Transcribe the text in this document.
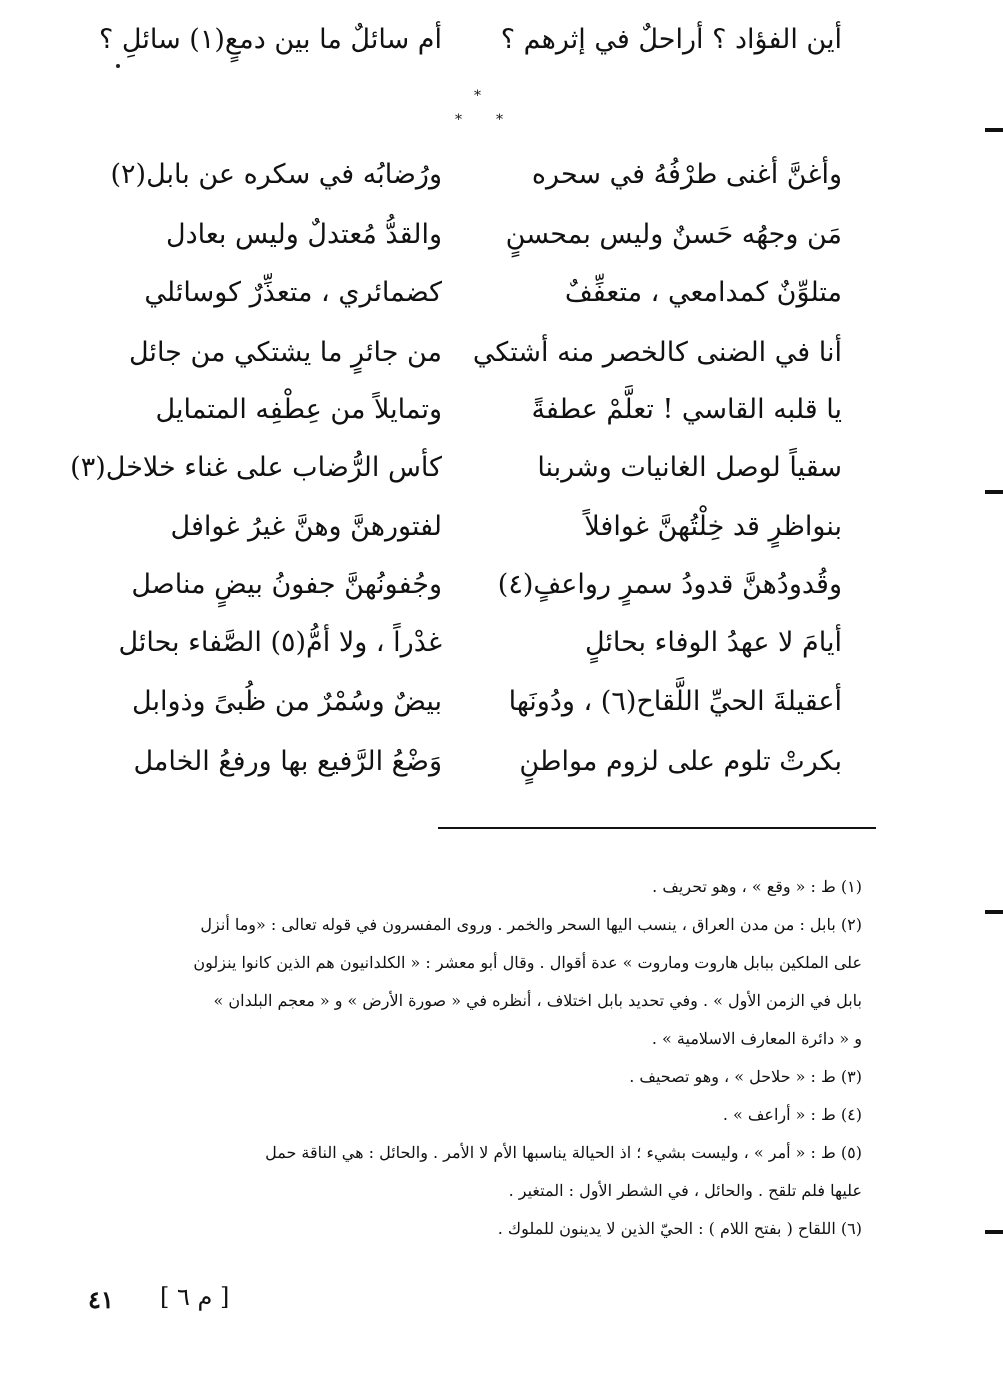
أين الفؤاد ؟ أراحلٌ في إثرهم ؟
أم سائلٌ ما بين دمعٍ(١) سائلِ ؟
*
* *
وأغنَّ أغنى طرْفُهُ في سحره
ورُضابُه في سكره عن بابل(٢)
مَن وجهُه حَسنٌ وليس بمحسنٍ
والقدُّ مُعتدلٌ وليس بعادل
متلوِّنٌ كمدامعي ، متعفِّفٌ
كضمائري ، متعذِّرٌ كوسائلي
أنا في الضنى كالخصر منه أشتكي
من جائرٍ ما يشتكي من جائل
يا قلبه القاسي ! تعلَّمْ عطفةً
وتمايلاً من عِطْفِه المتمايل
سقياً لوصل الغانيات وشربنا
كأس الرُّضاب على غناء خلاخل(٣)
بنواظرٍ قد خِلْتُهنَّ غوافلاً
لفتورهنَّ وهنَّ غيرُ غوافل
وقُدودُهنَّ قدودُ سمرٍ رواعفٍ(٤)
وجُفونُهنَّ جفونُ بيضٍ مناصل
أيامَ لا عهدُ الوفاء بحائلٍ
غدْراً ، ولا أمُّ(٥) الصَّفاء بحائل
أعقيلةَ الحيِّ اللَّقاح(٦) ، ودُونَها
بيضٌ وسُمْرٌ من ظُبىً وذوابل
بكرتْ تلوم على لزوم مواطنٍ
وَضْعُ الرَّفيع بها ورفعُ الخامل
(١) ط : « وقع » ، وهو تحريف .
(٢) بابل : من مدن العراق ، ينسب اليها السحر والخمر . وروى المفسرون في قوله تعالى : «وما أنزل
على الملكين ببابل هاروت وماروت » عدة أقوال . وقال أبو معشر : « الكلدانيون هم الذين كانوا ينزلون
بابل في الزمن الأول » . وفي تحديد بابل اختلاف ، أنظره في « صورة الأرض » و « معجم البلدان »
و « دائرة المعارف الاسلامية » .
(٣) ط : « حلاحل » ، وهو تصحيف .
(٤) ط : « أراعف » .
(٥) ط : « أمر » ، وليست بشيء ؛ اذ الحيالة يناسبها الأم لا الأمر . والحائل : هي الناقة حمل
عليها فلم تلقح . والحائل ، في الشطر الأول : المتغير .
(٦) اللقاح ( بفتح اللام ) : الحيّ الذين لا يدينون للملوك .
٤١ [ م ٦ ]
